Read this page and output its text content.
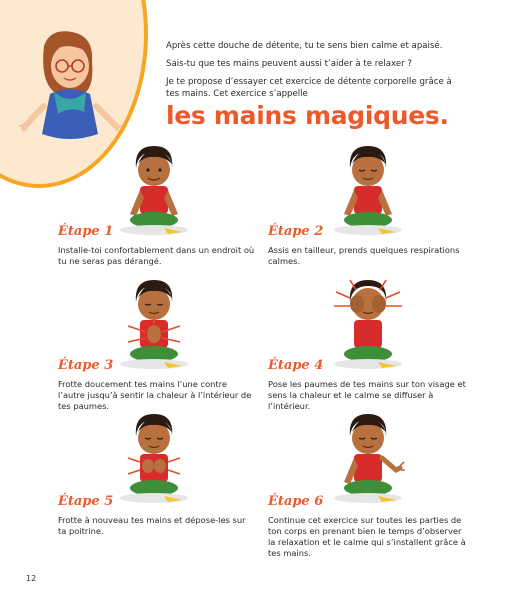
Après cette douche de détente, tu te sens bien calme et apaisé.

Sais-tu que tes mains peuvent aussi t’aider à te relaxer ?

Je te propose d’essayer cet exercice de détente corporelle grâce à tes mains. Cet exercice s’appelle

les mains magiques.
Étape 1
Installe-toi confortablement dans un endroit où tu ne seras pas dérangé.
Étape 2
Assis en tailleur, prends quelques respirations calmes.
Étape 3
Frotte doucement tes mains l’une contre l’autre jusqu’à sentir la chaleur à l’intérieur de tes paumes.
Étape 4
Pose les paumes de tes mains sur ton visage et sens la chaleur et le calme se diffuser à l’intérieur.
Étape 5
Frotte à nouveau tes mains et dépose-les sur ta poitrine.
Étape 6
Continue cet exercice sur toutes les parties de ton corps en prenant bien le temps d’observer la relaxation et le calme qui s’installent grâce à tes mains.
12
